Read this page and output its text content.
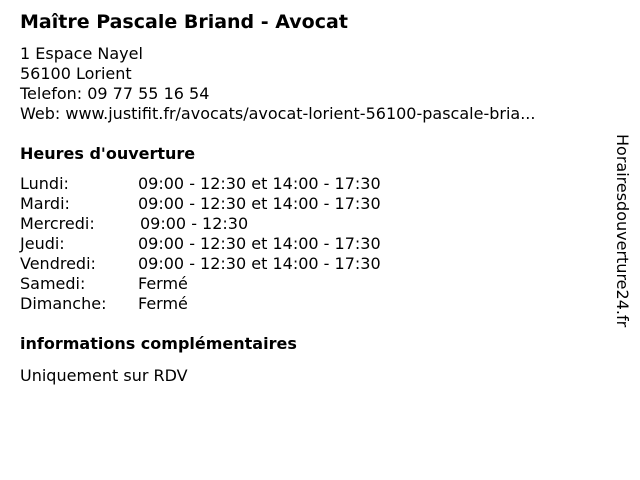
Maître Pascale Briand - Avocat
1 Espace Nayel
56100 Lorient
Telefon: 09 77 55 16 54
Web: www.justifit.fr/avocats/avocat-lorient-56100-pascale-bria...
Heures d'ouverture
Lundi:	09:00 - 12:30 et 14:00 - 17:30
Mardi:	09:00 - 12:30 et 14:00 - 17:30
Mercredi:	09:00 - 12:30
Jeudi:	09:00 - 12:30 et 14:00 - 17:30
Vendredi:	09:00 - 12:30 et 14:00 - 17:30
Samedi:	Fermé
Dimanche: Fermé
informations complémentaires
Uniquement sur RDV
Horairesdouverture24.fr
